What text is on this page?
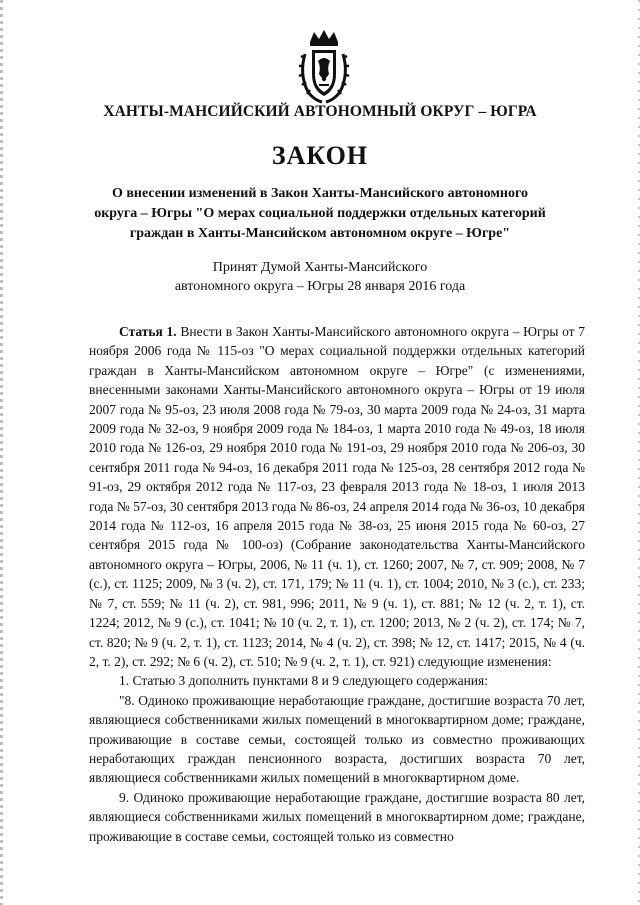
ХАНТЫ-МАНСИЙСКИЙ АВТОНОМНЫЙ ОКРУГ – ЮГРА
ЗАКОН
О внесении изменений в Закон Ханты-Мансийского автономного округа – Югры "О мерах социальной поддержки отдельных категорий граждан в Ханты-Мансийском автономном округе – Югре"
Принят Думой Ханты-Мансийского
автономного округа – Югры 28 января 2016 года

Статья 1. Внести в Закон Ханты-Мансийского автономного округа – Югры от 7 ноября 2006 года № 115-оз "О мерах социальной поддержки отдельных категорий граждан в Ханты-Мансийском автономном округе – Югре" (с изменениями, внесенными законами Ханты-Мансийского автономного округа – Югры от 19 июля 2007 года № 95-оз, 23 июля 2008 года № 79-оз, 30 марта 2009 года № 24-оз, 31 марта 2009 года № 32-оз, 9 ноября 2009 года № 184-оз, 1 марта 2010 года № 49-оз, 18 июля 2010 года № 126-оз, 29 ноября 2010 года № 191-оз, 29 ноября 2010 года № 206-оз, 30 сентября 2011 года № 94-оз, 16 декабря 2011 года № 125-оз, 28 сентября 2012 года № 91-оз, 29 октября 2012 года № 117-оз, 23 февраля 2013 года № 18-оз, 1 июля 2013 года № 57-оз, 30 сентября 2013 года № 86-оз, 24 апреля 2014 года № 36-оз, 10 декабря 2014 года № 112-оз, 16 апреля 2015 года № 38-оз, 25 июня 2015 года № 60-оз, 27 сентября 2015 года № 100-оз) (Собрание законодательства Ханты-Мансийского автономного округа – Югры, 2006, № 11 (ч. 1), ст. 1260; 2007, № 7, ст. 909; 2008, № 7 (с.), ст. 1125; 2009, № 3 (ч. 2), ст. 171, 179; № 11 (ч. 1), ст. 1004; 2010, № 3 (с.), ст. 233; № 7, ст. 559; № 11 (ч. 2), ст. 981, 996; 2011, № 9 (ч. 1), ст. 881; № 12 (ч. 2, т. 1), ст. 1224; 2012, № 9 (с.), ст. 1041; № 10 (ч. 2, т. 1), ст. 1200; 2013, № 2 (ч. 2), ст. 174; № 7, ст. 820; № 9 (ч. 2, т. 1), ст. 1123; 2014, № 4 (ч. 2), ст. 398; № 12, ст. 1417; 2015, № 4 (ч. 2, т. 2), ст. 292; № 6 (ч. 2), ст. 510; № 9 (ч. 2, т. 1), ст. 921) следующие изменения:

1. Статью 3 дополнить пунктами 8 и 9 следующего содержания:

"8. Одиноко проживающие неработающие граждане, достигшие возраста 70 лет, являющиеся собственниками жилых помещений в многоквартирном доме; граждане, проживающие в составе семьи, состоящей только из совместно проживающих неработающих граждан пенсионного возраста, достигших возраста 70 лет, являющиеся собственниками жилых помещений в многоквартирном доме.

9. Одиноко проживающие неработающие граждане, достигшие возраста 80 лет, являющиеся собственниками жилых помещений в многоквартирном доме; граждане, проживающие в составе семьи, состоящей только из совместно
